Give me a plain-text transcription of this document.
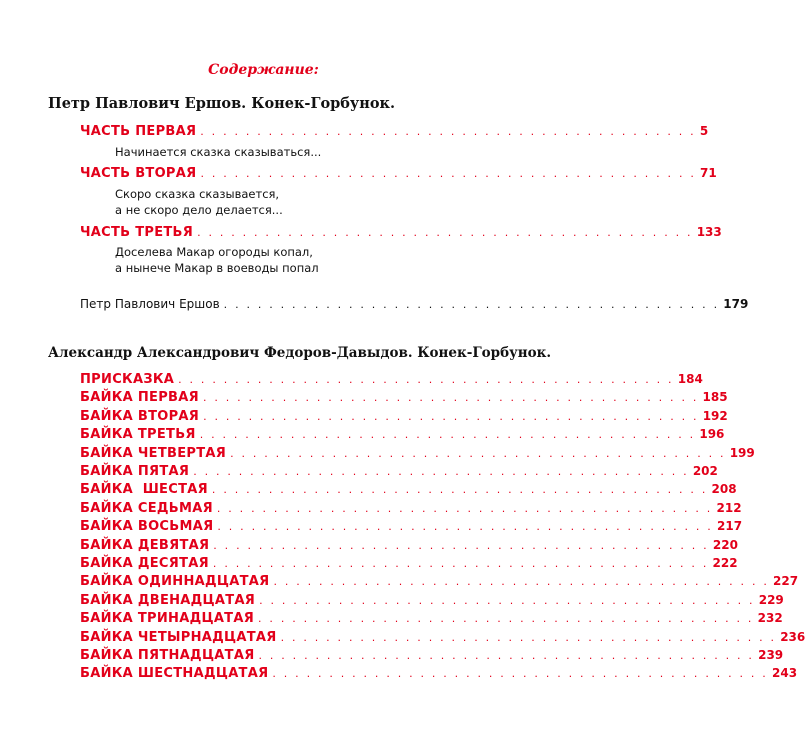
Содержание:
Петр Павлович Ершов. Конек-Горбунок.
ЧАСТЬ ПЕРВАЯ . . . . . . . . . . . . . . . . . . . . . . . . . . . . . . . . . . . . . . . . . . . . 5
Начинается сказка сказываться...
ЧАСТЬ ВТОРАЯ . . . . . . . . . . . . . . . . . . . . . . . . . . . . . . . . . . . . . . . . . . . . 71
Скоро сказка сказывается,
а не скоро дело делается...
ЧАСТЬ ТРЕТЬЯ . . . . . . . . . . . . . . . . . . . . . . . . . . . . . . . . . . . . . . . . . . . . 133
Доселева Макар огороды копал,
а нынече Макар в воеводы попал
Петр Павлович Ершов . . . . . . . . . . . . . . . . . . . . . . . . . . . . . . . . . . . . . . . . . . . . 179
Александр Александрович Федоров-Давыдов. Конек-Горбунок.
ПРИСКАЗКА . . . . . . . . . . . . . . . . . . . . . . . . . . . . . . . . . . . . . . . . . . . . 184
БАЙКА ПЕРВАЯ . . . . . . . . . . . . . . . . . . . . . . . . . . . . . . . . . . . . . . . . . . . . 185
БАЙКА ВТОРАЯ . . . . . . . . . . . . . . . . . . . . . . . . . . . . . . . . . . . . . . . . . . . . 192
БАЙКА ТРЕТЬЯ . . . . . . . . . . . . . . . . . . . . . . . . . . . . . . . . . . . . . . . . . . . . 196
БАЙКА ЧЕТВЕРТАЯ . . . . . . . . . . . . . . . . . . . . . . . . . . . . . . . . . . . . . . . . . . . . 199
БАЙКА ПЯТАЯ . . . . . . . . . . . . . . . . . . . . . . . . . . . . . . . . . . . . . . . . . . . . 202
БАЙКА  ШЕСТАЯ . . . . . . . . . . . . . . . . . . . . . . . . . . . . . . . . . . . . . . . . . . . . 208
БАЙКА СЕДЬМАЯ . . . . . . . . . . . . . . . . . . . . . . . . . . . . . . . . . . . . . . . . . . . . 212
БАЙКА ВОСЬМАЯ . . . . . . . . . . . . . . . . . . . . . . . . . . . . . . . . . . . . . . . . . . . . 217
БАЙКА ДЕВЯТАЯ . . . . . . . . . . . . . . . . . . . . . . . . . . . . . . . . . . . . . . . . . . . . 220
БАЙКА ДЕСЯТАЯ . . . . . . . . . . . . . . . . . . . . . . . . . . . . . . . . . . . . . . . . . . . . 222
БАЙКА ОДИННАДЦАТАЯ . . . . . . . . . . . . . . . . . . . . . . . . . . . . . . . . . . . . . . . . . . . . 227
БАЙКА ДВЕНАДЦАТАЯ . . . . . . . . . . . . . . . . . . . . . . . . . . . . . . . . . . . . . . . . . . . . 229
БАЙКА ТРИНАДЦАТАЯ . . . . . . . . . . . . . . . . . . . . . . . . . . . . . . . . . . . . . . . . . . . . 232
БАЙКА ЧЕТЫРНАДЦАТАЯ . . . . . . . . . . . . . . . . . . . . . . . . . . . . . . . . . . . . . . . . . . . . 236
БАЙКА ПЯТНАДЦАТАЯ . . . . . . . . . . . . . . . . . . . . . . . . . . . . . . . . . . . . . . . . . . . . 239
БАЙКА ШЕСТНАДЦАТАЯ . . . . . . . . . . . . . . . . . . . . . . . . . . . . . . . . . . . . . . . . . . . . 243
